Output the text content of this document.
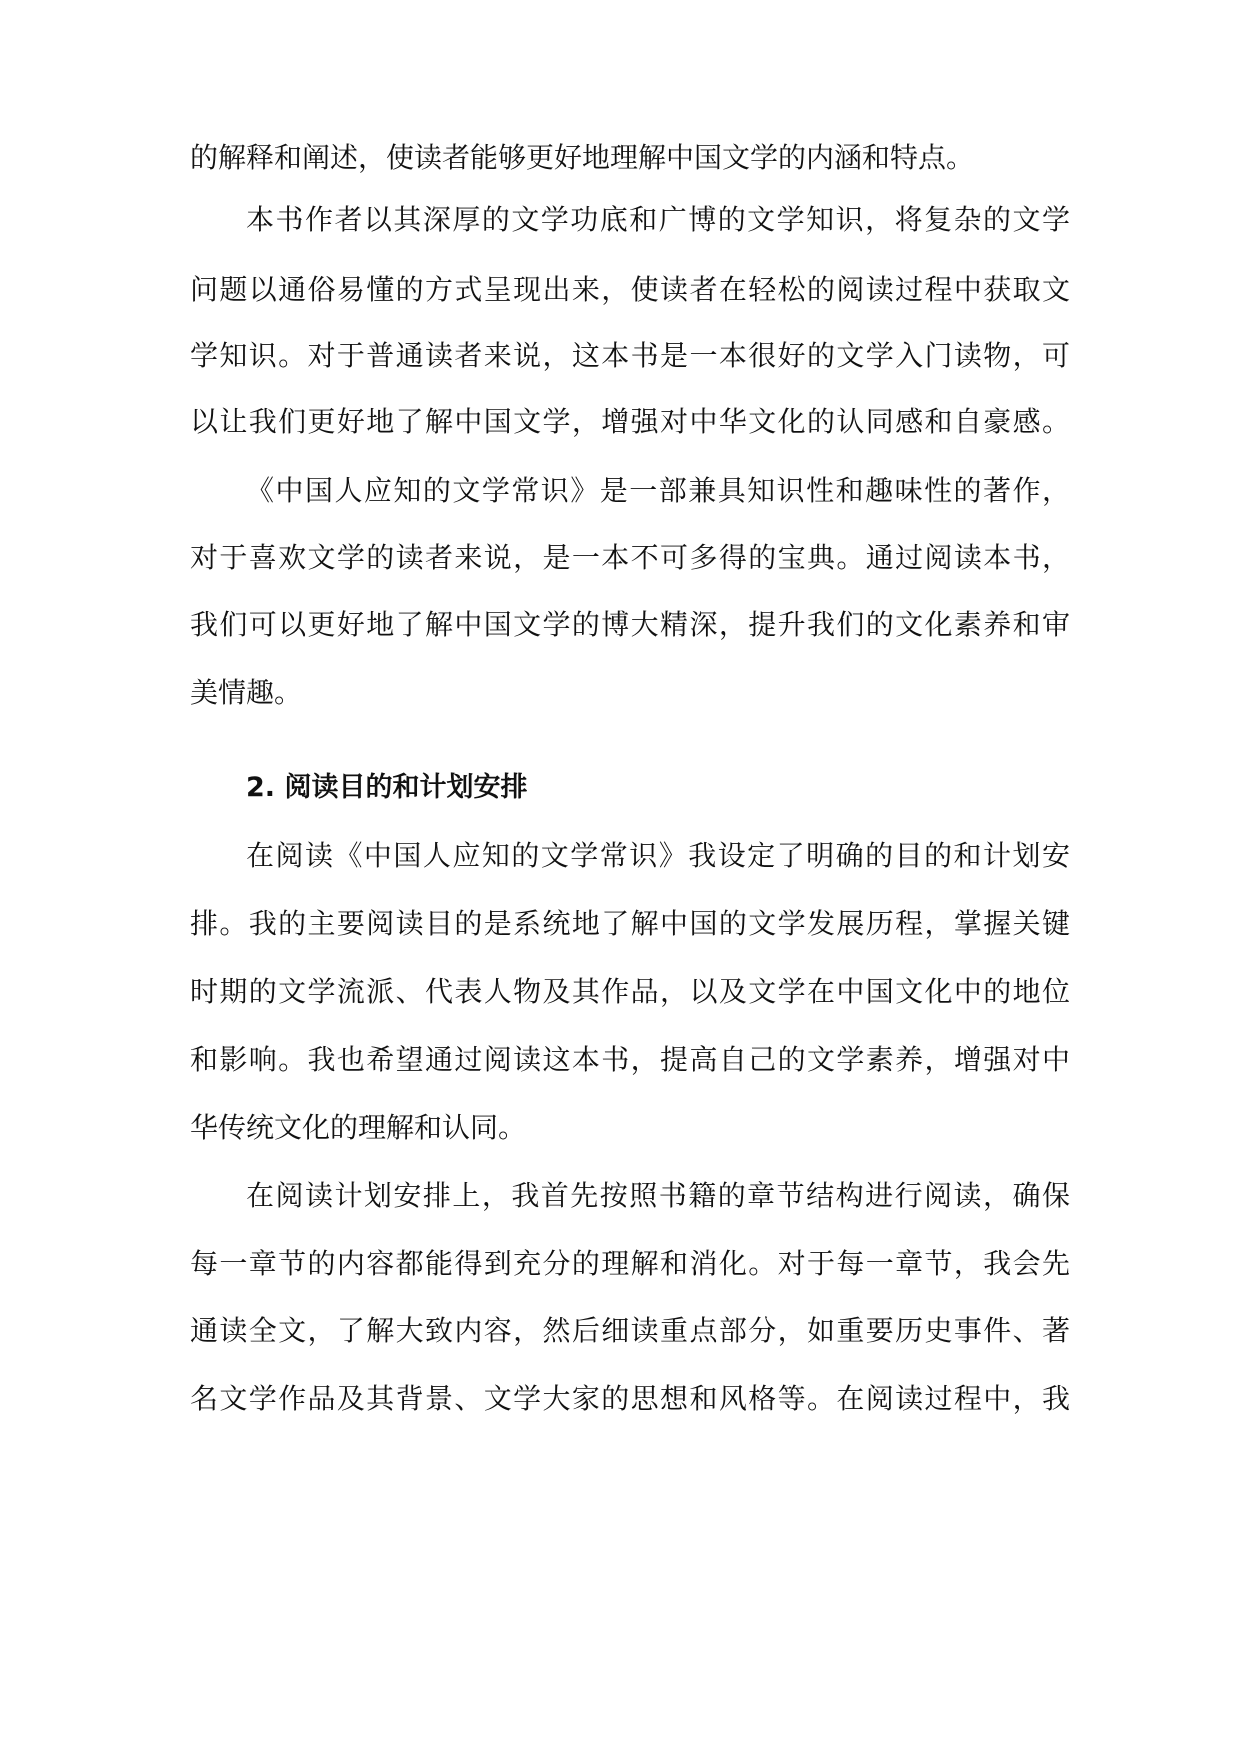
的解释和阐述，使读者能够更好地理解中国文学的内涵和特点。
本书作者以其深厚的文学功底和广博的文学知识，将复杂的文学
问题以通俗易懂的方式呈现出来，使读者在轻松的阅读过程中获取文
学知识。对于普通读者来说，这本书是一本很好的文学入门读物，可
以让我们更好地了解中国文学，增强对中华文化的认同感和自豪感。
《中国人应知的文学常识》是一部兼具知识性和趣味性的著作，
对于喜欢文学的读者来说，是一本不可多得的宝典。通过阅读本书，
我们可以更好地了解中国文学的博大精深，提升我们的文化素养和审
美情趣。
2. 阅读目的和计划安排
在阅读《中国人应知的文学常识》我设定了明确的目的和计划安
排。我的主要阅读目的是系统地了解中国的文学发展历程，掌握关键
时期的文学流派、代表人物及其作品，以及文学在中国文化中的地位
和影响。我也希望通过阅读这本书，提高自己的文学素养，增强对中
华传统文化的理解和认同。
在阅读计划安排上，我首先按照书籍的章节结构进行阅读，确保
每一章节的内容都能得到充分的理解和消化。对于每一章节，我会先
通读全文，了解大致内容，然后细读重点部分，如重要历史事件、著
名文学作品及其背景、文学大家的思想和风格等。在阅读过程中，我
